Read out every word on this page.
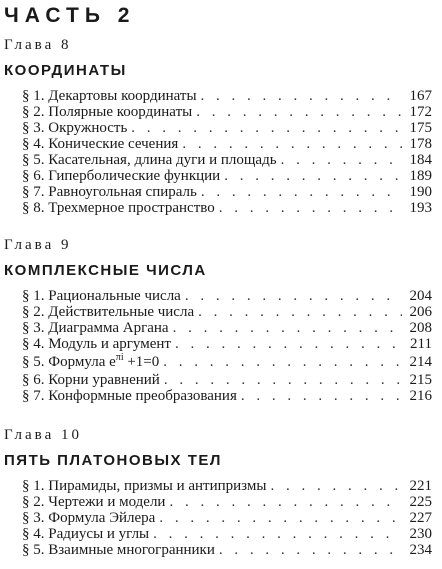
ЧАСТЬ 2
Глава 8
КООРДИНАТЫ
§ 1. Декартовы координаты . . .	167
§ 2. Полярные координаты . . .	172
§ 3. Окружность . . .	175
§ 4. Конические сечения . . .	178
§ 5. Касательная, длина дуги и площадь . . .	184
§ 6. Гиперболические функции . . .	189
§ 7. Равноугольная спираль . . .	190
§ 8. Трехмерное пространство . . .	193
Глава 9
КОМПЛЕКСНЫЕ ЧИСЛА
§ 1. Рациональные числа . . .	204
§ 2. Действительные числа . . .	206
§ 3. Диаграмма Аргана . . .	208
§ 4. Модуль и аргумент . . .	211
§ 5. Формула $e^{\pi i} +1=0$ . . .	214
§ 6. Корни уравнений . . .	215
§ 7. Конформные преобразования . . .	216
Глава 10
ПЯТЬ ПЛАТОНОВЫХ ТЕЛ
§ 1. Пирамиды, призмы и антипризмы . . .	221
§ 2. Чертежи и модели . . .	225
§ 3. Формула Эйлера . . .	227
§ 4. Радиусы и углы . . .	230
§ 5. Взаимные многогранники . . .	234
